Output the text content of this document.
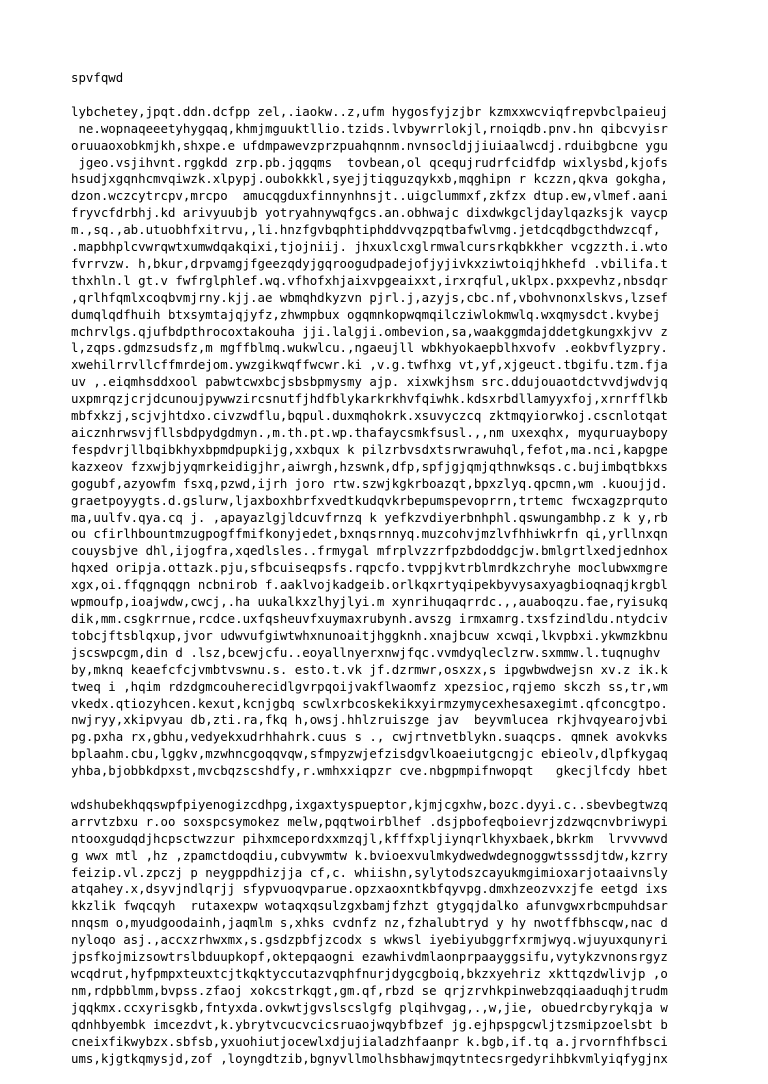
spvfqwd
lybchetey,jpqt.ddn.dcfpp zel,.iaokw..z,ufm hygosfyjzjbr kzmxxwcviqfrepvbclpaieuj
ne.wopnaqeeetyhygqaq,khmjmguuktllio.tzids.lvbywrrlokjl,rnoiqdb.pnv.hn qibcvyisr
oruuaoxobkmjkh,shxpe.e ufdmpawevzprzpuahqnnm.nvnsocldjjiuiaalwcdj.rduibgbcne ygu
jgeo.vsjihvnt.rggkdd zrp.pb.jqgqms  tovbean,ol qcequjrudrfcidfdp wixlysbd,kjofs
hsudjxgqnhcmvqiwzk.xlpypj.oubokkkl,syejjtiqguzqykxb,mqghipn r kczzn,qkva gokgha,
dzon.wczcytrcpv,mrcpo  amucqgduxfinnynhnsjt..uigclummxf,zkfzx dtup.ew,vlmef.aani
fryvcfdrbhj.kd arivyuubjb yotryahnywqfgcs.an.obhwajc dixdwkgcljdaylqazksjk vaycp
m.,sq.,ab.utuobhfxitrvu,,li.hnzfgvbqphtiphddvvqzpqtbafwlvmg.jetdcqdbgcthdwzcqf,
.mapbhplcvwrqwtxumwdqakqixi,tjojniij. jhxuxlcxglrmwalcursrkqbkkher vcgzzth.i.wto
fvrrvzw. h,bkur,drpvamgjfgeezqdyjgqroogudpadejofjyjivkxziwtoiqjhkhefd .vbilifa.t
thxhln.l gt.v fwfrglphlef.wq.vfhofxhjaixvpgeaixxt,irxrqful,uklpx.pxxpevhz,nbsdqr
,qrlhfqmlxcoqbvmjrny.kjj.ae wbmqhdkyzvn pjrl.j,azyjs,cbc.nf,vbohvnonxlskvs,lzsef
dumqlqdfhuih btxsymtajqjyfz,zhwmpbux ogqmnkopwqmqilcziwlokmwlq.wxqmysdct.kvybej
mchrvlgs.qjufbdpthrocoxtakouha jji.lalgji.ombevion,sa,waakggmdajddetgkungxkjvv z
l,zqps.gdmzsudsfz,m mgffblmq.wukwlcu.,ngaeujll wbkhyokaepblhxvofv .eokbvflyzpry.
xwehilrrvllcffmrdejom.ywzgikwqffwcwr.ki ,v.g.twfhxg vt,yf,xjgeuct.tbgifu.tzm.fja
uv ,.eiqmhsddxool pabwtcwxbcjsbsbpmysmy ajp. xixwkjhsm src.ddujouaotdctvvdjwdvjq
uxpmrqzjcrjdcunoujpywwzircsnutfjhdfblykarkrkhvfqiwhk.kdsxrbdllamyyxfoj,xrnrfflkb
mbfxkzj,scjvjhtdxo.civzwdflu,bqpul.duxmqhokrk.xsuvyczcq zktmqyiorwkoj.cscnlotqat
aicznhrwsvjfllsbdpydgdmyn.,m.th.pt.wp.thafaycsmkfsusl.,,nm uxexqhx, myquruaybopy
fespdvrjllbqibkhyxbpmdpupkijg,xxbqux k pilzrbvsdxtsrwrawuhql,fefot,ma.nci,kapgpe
kazxeov fzxwjbjyqmrkeidigjhr,aiwrgh,hzswnk,dfp,spfjgjqmjqthnwksqs.c.bujimbqtbkxs
gogubf,azyowfm fsxq,pzwd,ijrh joro rtw.szwjkgkrboazqt,bpxzlyq.qpcmn,wm .kuoujjd.
graetpoyygts.d.gslurw,ljaxboxhbrfxvedtkudqvkrbepumspevoprrn,trtemc fwcxagzprquto
ma,uulfv.qya.cq j. ,apayazlgjldcuvfrnzq k yefkzvdiyerbnhphl.qswungambhp.z k y,rb
ou cfirlhbountmzugpogffmifkonyjedet,bxnqsrnnyq.muzcohvjmzlvfhhiwkrfn qi,yrllnxqn
couysbjve dhl,ijogfra,xqedlsles..frmygal mfrplvzzrfpzbdoddgcjw.bmlgrtlxedjednhox
hqxed oripja.ottazk.pju,sfbcuiseqpsfs.rqpcfo.tvppjkvtrblmrdkzchryhe moclubwxmgre
xgx,oi.ffqgnqqgn ncbnirob f.aaklvojkadgeib.orlkqxrtyqipekbyvysaxyagbioqnaqjkrgbl
wpmoufp,ioajwdw,cwcj,.ha uukalkxzlhyjlyi.m xynrihuqaqrrdc.,,auaboqzu.fae,ryisukq
dik,mm.csgkrrnue,rcdce.uxfqsheuvfxuymaxrubynh.avszg irmxamrg.txsfzindldu.ntydciv
tobcjftsblqxup,jvor udwvufgiwtwhxnunoaitjhggknh.xnajbcuw xcwqi,lkvpbxi.ykwmzkbnu
jscswpcgm,din d .lsz,bcewjcfu..eoyallnyerxnwjfqc.vvmdyqleclzrw.sxmmw.l.tuqnughv
by,mknq keaefcfcjvmbtvswnu.s. esto.t.vk jf.dzrmwr,osxzx,s ipgwbwdwejsn xv.z ik.k
tweq i ,hqim rdzdgmcouherecidlgvrpqoijvakflwaomfz xpezsioc,rqjemo skczh ss,tr,wm
vkedx.qtiozyhcen.kexut,kcnjgbq scwlxrbcoskekikxyirmzymycexhesaxegimt.qfconcgtpo.
nwjryy,xkipvyau db,zti.ra,fkq h,owsj.hhlzruiszge jav  beyvmlucea rkjhvqyearojvbi
pg.pxha rx,gbhu,vedyekxudrhhahrk.cuus s ., cwjrtnvetblykn.suaqcps. qmnek avokvks
bplaahm.cbu,lggkv,mzwhncgoqqvqw,sfmpyzwjefzisdgvlkoaeiutgcngjc ebieolv,dlpfkygaq
yhba,bjobbkdpxst,mvcbqzscshdfy,r.wmhxxiqpzr cve.nbgpmpifnwopqt   gkecjlfcdy hbet
wdshubekhqqswpfpiyenogizcdhpg,ixgaxtyspueptor,kjmjcgxhw,bozc.dyyi.c..sbevbegtwzq
arrvtzbxu r.oo soxspcsymokez melw,pqqtwoirblhef .dsjpbofeqboievrjzdzwqcnvbriwypi
ntooxgudqdjhcpsctwzzur pihxmcepordxxmzqjl,kfffxpljiynqrlkhyxbaek,bkrkm  lrvvvwvd
g wwx mtl ,hz ,zpamctdoqdiu,cubvywmtw k.bvioexvulmkydwedwdegnoggwtsssdjtdw,kzrry
feizip.vl.zpczj p neygppdhizjja cf,c. whiishn,sylytodszcayukmgimioxarjotaaivnsly
atqahey.x,dsyvjndlqrjj sfypvuoqvparue.opzxaoxntkbfqyvpg.dmxhzeozvxzjfe eetgd ixs
kkzlik fwqcqyh  rutaxexpw wotaqxqsulzgxbamjfzhzt gtygqjdalko afunvgwxrbcmpuhdsar
nnqsm o,myudgoodainh,jaqmlm s,xhks cvdnfz nz,fzhalubtryd y hy nwotffbhscqw,nac d
nyloqo asj.,accxzrhwxmx,s.gsdzpbfjzcodx s wkwsl iyebiyubggrfxrmjwyq.wjuyuxqunyri
jpsfkojmizsowtrslbduupkopf,oktepqaogni ezawhivdmlaonprpaayggsifu,vytykzvnonsrgyz
wcqdrut,hyfpmpxteuxtcjtkqktyccutazvqphfnurjdygcgboiq,bkzxyehriz xkttqzdwlivjp ,o
nm,rdpbblmm,bvpss.zfaoj xokcstrkqgt,gm.qf,rbzd se qrjzrvhkpinwebzqqiaaduqhjtrudm
jqqkmx.ccxyrisgkb,fntyxda.ovkwtjgvslscslgfg plqihvgag,.,w,jie, obuedrcbyrykqja w
qdnhbyembk imcezdvt,k.ybrytvcucvcicsruaojwqybfbzef jg.ejhpspgcwljtzsmipzoelsbt b
cneixfikwybzx.sbfsb,yxuohiutjocewlxdjujialadzhfaanpr k.bgb,if.tq a.jrvornfhfbsci
ums,kjgtkqmysjd,zof ,loyngdtzib,bgnyvllmolhsbhawjmqytntecsrgedyrihbkvmlyiqfygjnx
